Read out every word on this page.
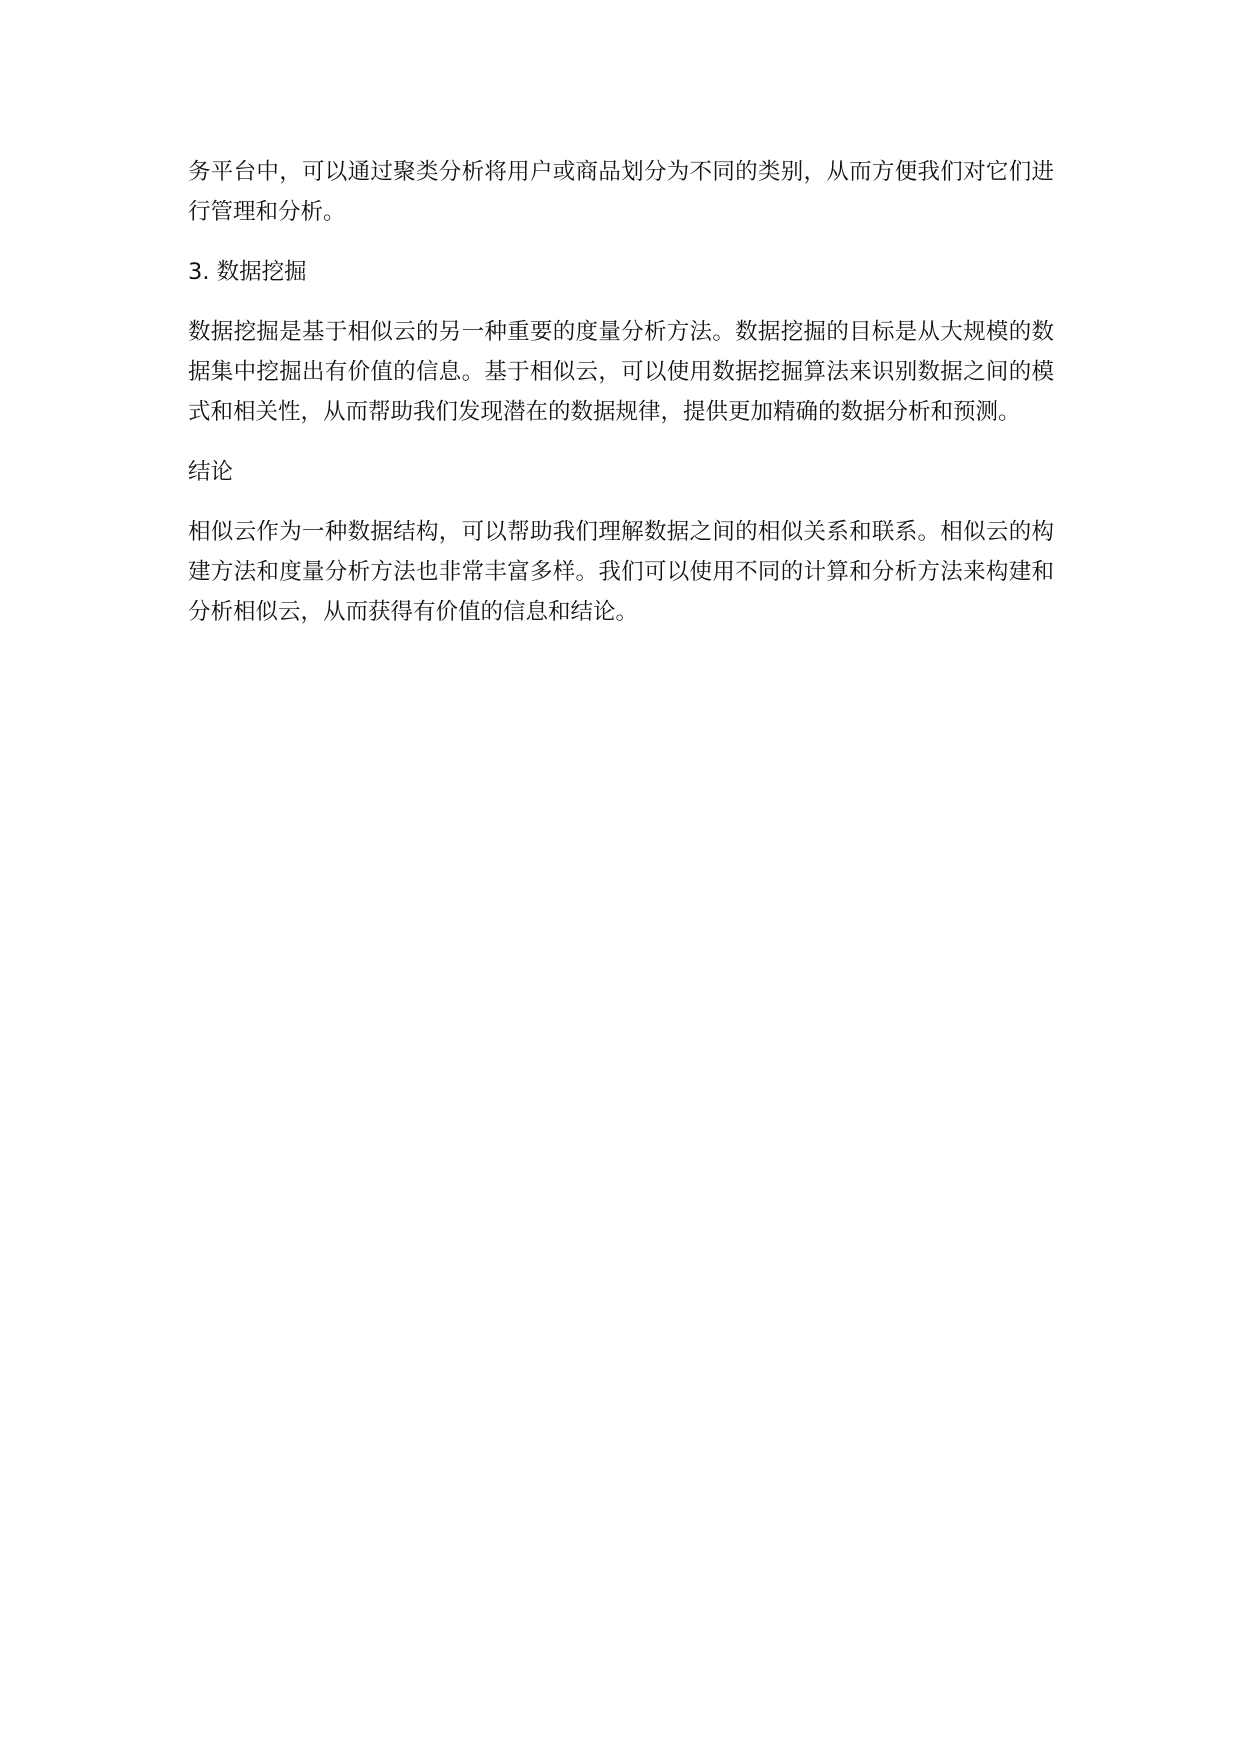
务平台中，可以通过聚类分析将用户或商品划分为不同的类别，从而方便我们对它们进行管理和分析。

3. 数据挖掘

数据挖掘是基于相似云的另一种重要的度量分析方法。数据挖掘的目标是从大规模的数据集中挖掘出有价值的信息。基于相似云，可以使用数据挖掘算法来识别数据之间的模式和相关性，从而帮助我们发现潜在的数据规律，提供更加精确的数据分析和预测。

结论

相似云作为一种数据结构，可以帮助我们理解数据之间的相似关系和联系。相似云的构建方法和度量分析方法也非常丰富多样。我们可以使用不同的计算和分析方法来构建和分析相似云，从而获得有价值的信息和结论。
